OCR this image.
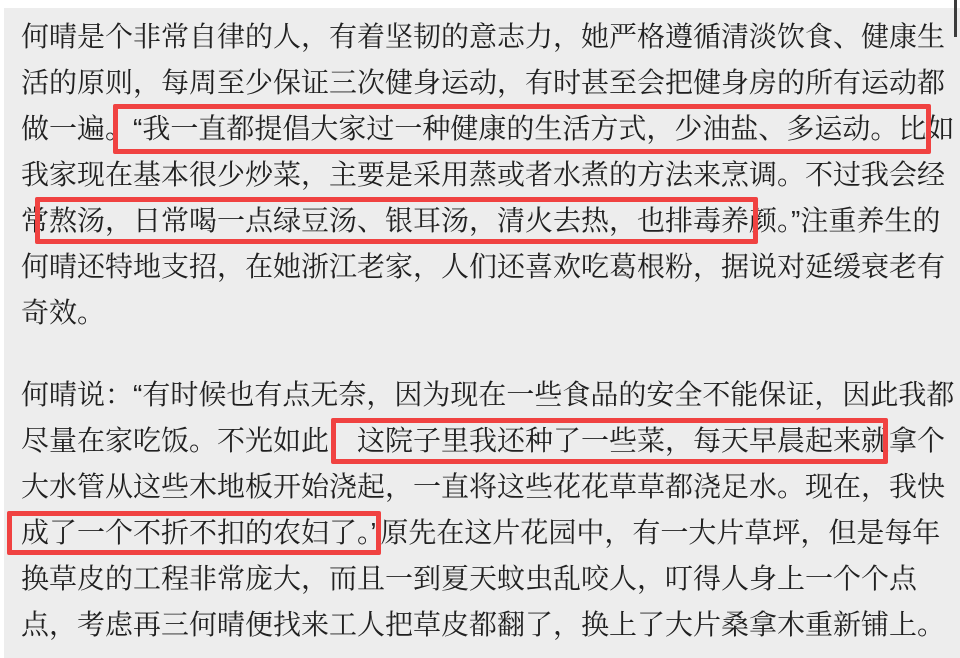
何晴是个非常自律的人，有着坚韧的意志力，她严格遵循清淡饮食、健康生
活的原则，每周至少保证三次健身运动，有时甚至会把健身房的所有运动都
做一遍。“我一直都提倡大家过一种健康的生活方式，少油盐、多运动。比如
我家现在基本很少炒菜，主要是采用蒸或者水煮的方法来烹调。不过我会经
常熬汤，日常喝一点绿豆汤、银耳汤，清火去热，也排毒养颜。”注重养生的
何晴还特地支招，在她浙江老家，人们还喜欢吃葛根粉，据说对延缓衰老有
奇效。
何晴说：“有时候也有点无奈，因为现在一些食品的安全不能保证，因此我都
尽量在家吃饭。不光如此，这院子里我还种了一些菜，每天早晨起来就拿个
大水管从这些木地板开始浇起，一直将这些花花草草都浇足水。现在，我快
成了一个不折不扣的农妇了。”原先在这片花园中，有一大片草坪，但是每年
换草皮的工程非常庞大，而且一到夏天蚊虫乱咬人，叮得人身上一个个点
点，考虑再三何晴便找来工人把草皮都翻了，换上了大片桑拿木重新铺上。
